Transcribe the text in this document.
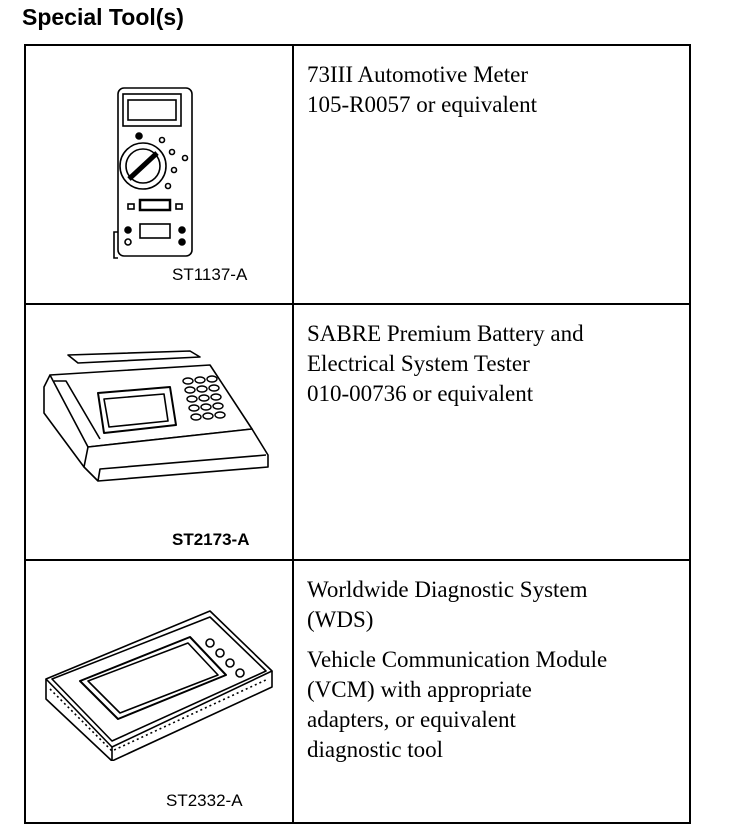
Special Tool(s)
ST1137-A
73III Automotive Meter
105-R0057 or equivalent
ST2173-A
SABRE Premium Battery and
Electrical System Tester
010-00736 or equivalent
ST2332-A
Worldwide Diagnostic System
(WDS)
Vehicle Communication Module
(VCM) with appropriate
adapters, or equivalent
diagnostic tool
